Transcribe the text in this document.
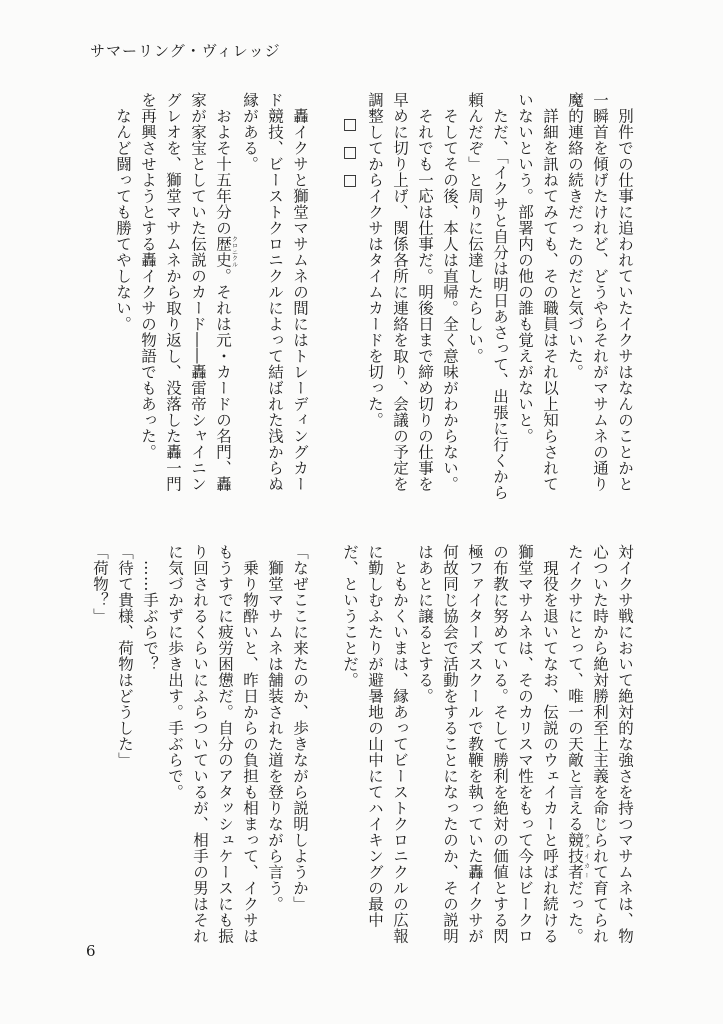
サマーリング・ヴィレッジ

別件での仕事に追われていたイクサはなんのことかと一瞬首を傾げたけれど、どうやらそれがマサムネの通り魔的連絡の続きだったのだと気づいた。

詳細を訊ねてみても、その職員はそれ以上知らされていないという。部署内の他の誰も覚えがないと。

ただ、「イクサと自分は明日あさって、出張に行くから頼んだぞ」と周りに伝達したらしい。

そしてその後、本人は直帰。全く意味がわからない。

それでも一応は仕事だ。明後日まで締め切りの仕事を早めに切り上げ、関係各所に連絡を取り、会議の予定を調整してからイクサはタイムカードを切った。

□□□

轟イクサと獅堂マサムネの間にはトレーディングカード競技、ビーストクロニクルによって結ばれた浅からぬ縁がある。

およそ十五年分の歴史クロニクル。それは元・カードの名門、轟家が家宝としていた伝説のカード――轟雷帝シャイニングレオを、獅堂マサムネから取り返し、没落した轟一門を再興させようとする轟イクサの物語でもあった。

なんど闘っても勝てやしない。

対イクサ戦において絶対的な強さを持つマサムネは、物心ついた時から絶対勝利至上主義を命じられて育てられたイクサにとって、唯一の天敵と言える競技者ウェイカーだった。

現役を退いてなお、伝説のウェイカーと呼ばれ続ける獅堂マサムネは、そのカリスマ性をもって今はビークロの布教に努めている。そして勝利を絶対の価値とする閃極ファイターズスクールで教鞭を執っていた轟イクサが何故同じ協会で活動をすることになったのか、その説明はあとに譲るとする。

ともかくいまは、縁あってビーストクロニクルの広報に勤しむふたりが避暑地の山中にてハイキングの最中だ、ということだ。

「なぜここに来たのか、歩きながら説明しようか」

獅堂マサムネは舗装された道を登りながら言う。

乗り物酔いと、昨日からの負担も相まって、イクサはもうすでに疲労困憊だ。自分のアタッシュケースにも振り回されるくらいにふらついているが、相手の男はそれに気づかずに歩き出す。手ぶらで。

……手ぶらで？

「待て貴様、荷物はどうした」

「荷物？」

6
